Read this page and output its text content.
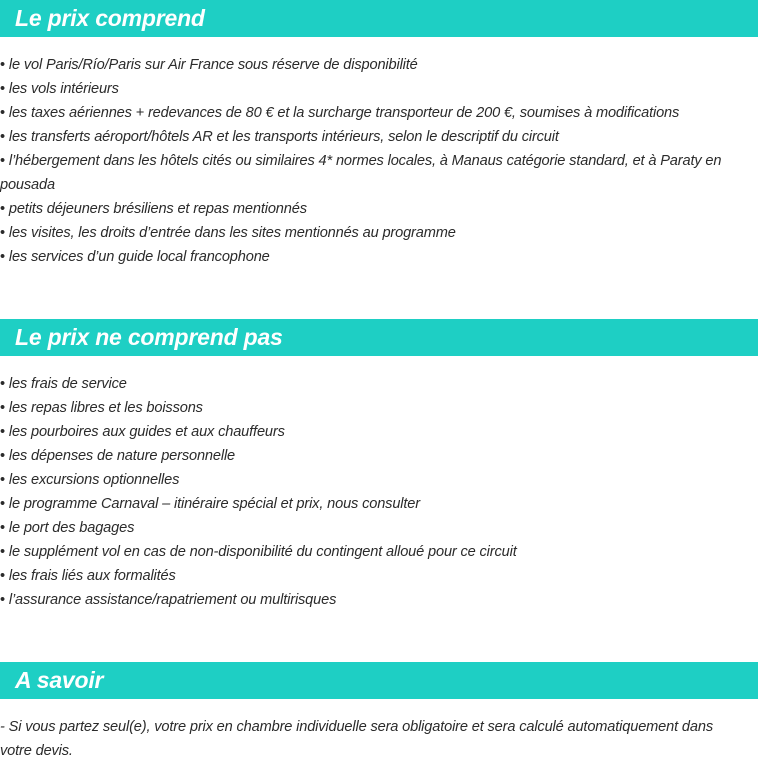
Le prix comprend
• le vol Paris/Río/Paris sur Air France sous réserve de disponibilité
• les vols intérieurs
• les taxes aériennes + redevances de 80 € et la surcharge transporteur de 200 €, soumises à modifications
• les transferts aéroport/hôtels AR et les transports intérieurs, selon le descriptif du circuit
• l’hébergement dans les hôtels cités ou similaires 4* normes locales, à Manaus catégorie standard, et à Paraty en pousada
• petits déjeuners brésiliens et repas mentionnés
• les visites, les droits d’entrée dans les sites mentionnés au programme
• les services d’un guide local francophone
Le prix ne comprend pas
• les frais de service
• les repas libres et les boissons
• les pourboires aux guides et aux chauffeurs
• les dépenses de nature personnelle
• les excursions optionnelles
• le programme Carnaval – itinéraire spécial et prix, nous consulter
• le port des bagages
• le supplément vol en cas de non-disponibilité du contingent alloué pour ce circuit
• les frais liés aux formalités
• l’assurance assistance/rapatriement ou multirisques
A savoir
- Si vous partez seul(e), votre prix en chambre individuelle sera obligatoire et sera calculé automatiquement dans votre devis.
